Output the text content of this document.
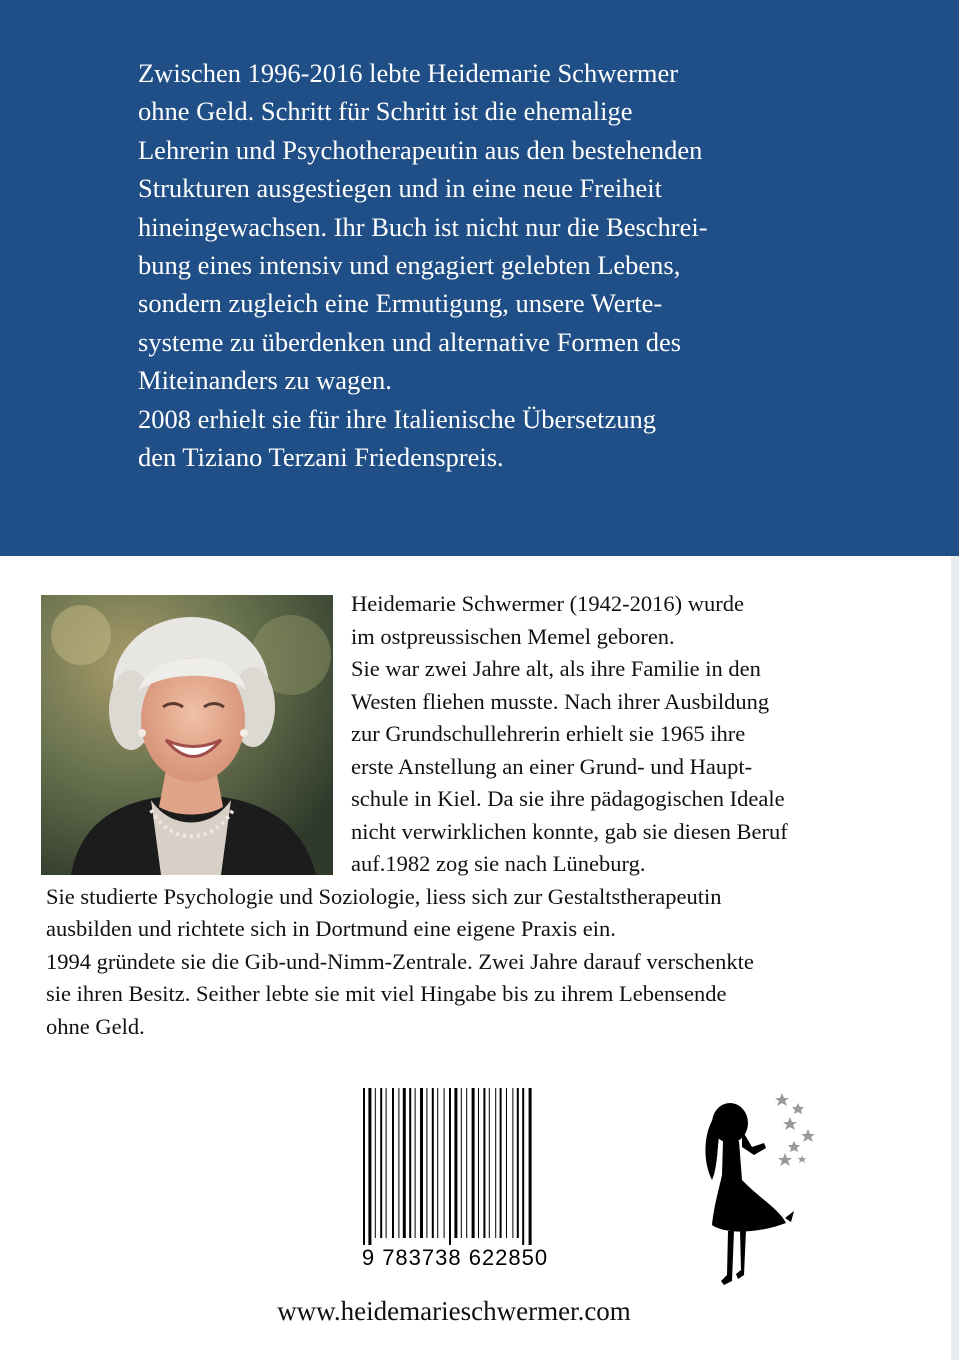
Zwischen 1996-2016 lebte Heidemarie Schwermer
ohne Geld. Schritt für Schritt ist die ehemalige
Lehrerin und Psychotherapeutin aus den bestehenden
Strukturen ausgestiegen und in eine neue Freiheit
hineingewachsen. Ihr Buch ist nicht nur die Beschrei-
bung eines intensiv und engagiert gelebten Lebens,
sondern zugleich eine Ermutigung, unsere Werte-
systeme zu überdenken und alternative Formen des
Miteinanders zu wagen.
2008 erhielt sie für ihre Italienische Übersetzung
den Tiziano Terzani Friedenspreis.
Heidemarie Schwermer (1942-2016) wurde
im ostpreussischen Memel geboren.
Sie war zwei Jahre alt, als ihre Familie in den
Westen fliehen musste. Nach ihrer Ausbildung
zur Grundschullehrerin erhielt sie 1965 ihre
erste Anstellung an einer Grund- und Haupt-
schule in Kiel. Da sie ihre pädagogischen Ideale
nicht verwirklichen konnte, gab sie diesen Beruf
auf.1982 zog sie nach Lüneburg.
Sie studierte Psychologie und Soziologie, liess sich zur Gestaltstherapeutin
ausbilden und richtete sich in Dortmund eine eigene Praxis ein.
1994 gründete sie die Gib-und-Nimm-Zentrale. Zwei Jahre darauf verschenkte
sie ihren Besitz. Seither lebte sie mit viel Hingabe bis zu ihrem Lebensende
ohne Geld.
9 783738 622850
www.heidemarieschwermer.com
